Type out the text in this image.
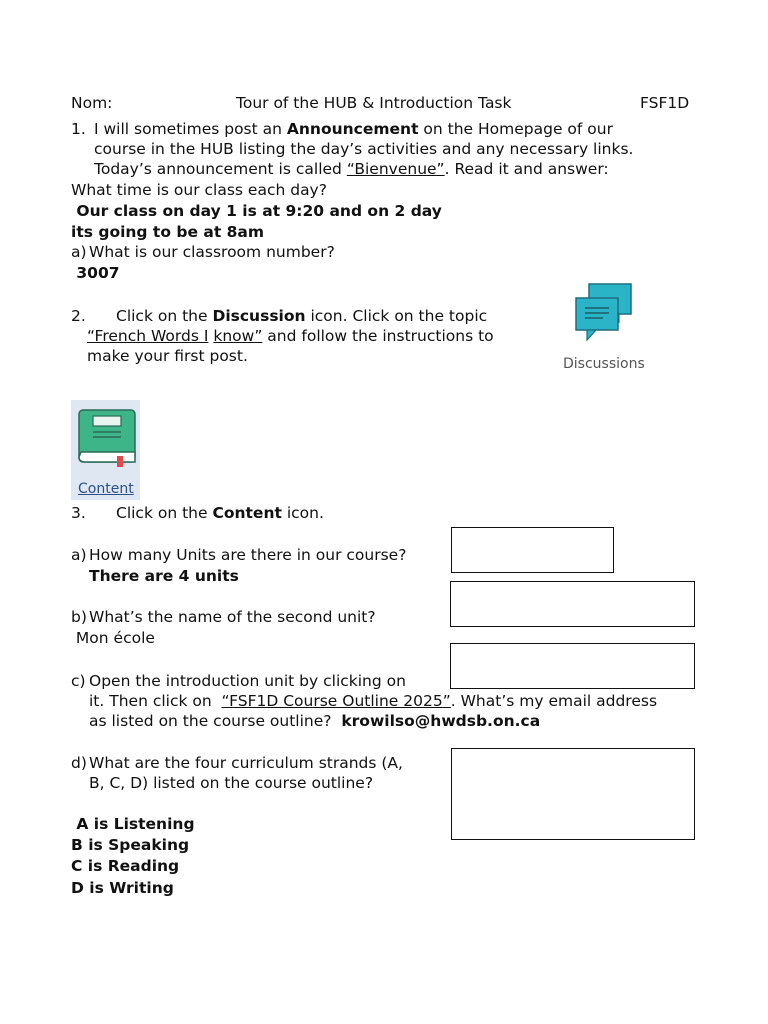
Nom:	Tour of the HUB & Introduction Task	FSF1D
1. I will sometimes post an Announcement on the Homepage of our
course in the HUB listing the day’s activities and any necessary links.
Today’s announcement is called “Bienvenue”. Read it and answer:
What time is our class each day?
Our class on day 1 is at 9:20 and on 2 day
its going to be at 8am
a) What is our classroom number?
3007
2. Click on the Discussion icon. Click on the topic
“French Words I know” and follow the instructions to
make your first post.	Discussions
Content
3. Click on the Content icon.
a) How many Units are there in our course?
There are 4 units
b) What’s the name of the second unit?
Mon école
c) Open the introduction unit by clicking on
it. Then click on  “FSF1D Course Outline 2025”. What’s my email address
as listed on the course outline?  krowilso@hwdsb.on.ca
d) What are the four curriculum strands (A,
B, C, D) listed on the course outline?
A is Listening
B is Speaking
C is Reading
D is Writing
